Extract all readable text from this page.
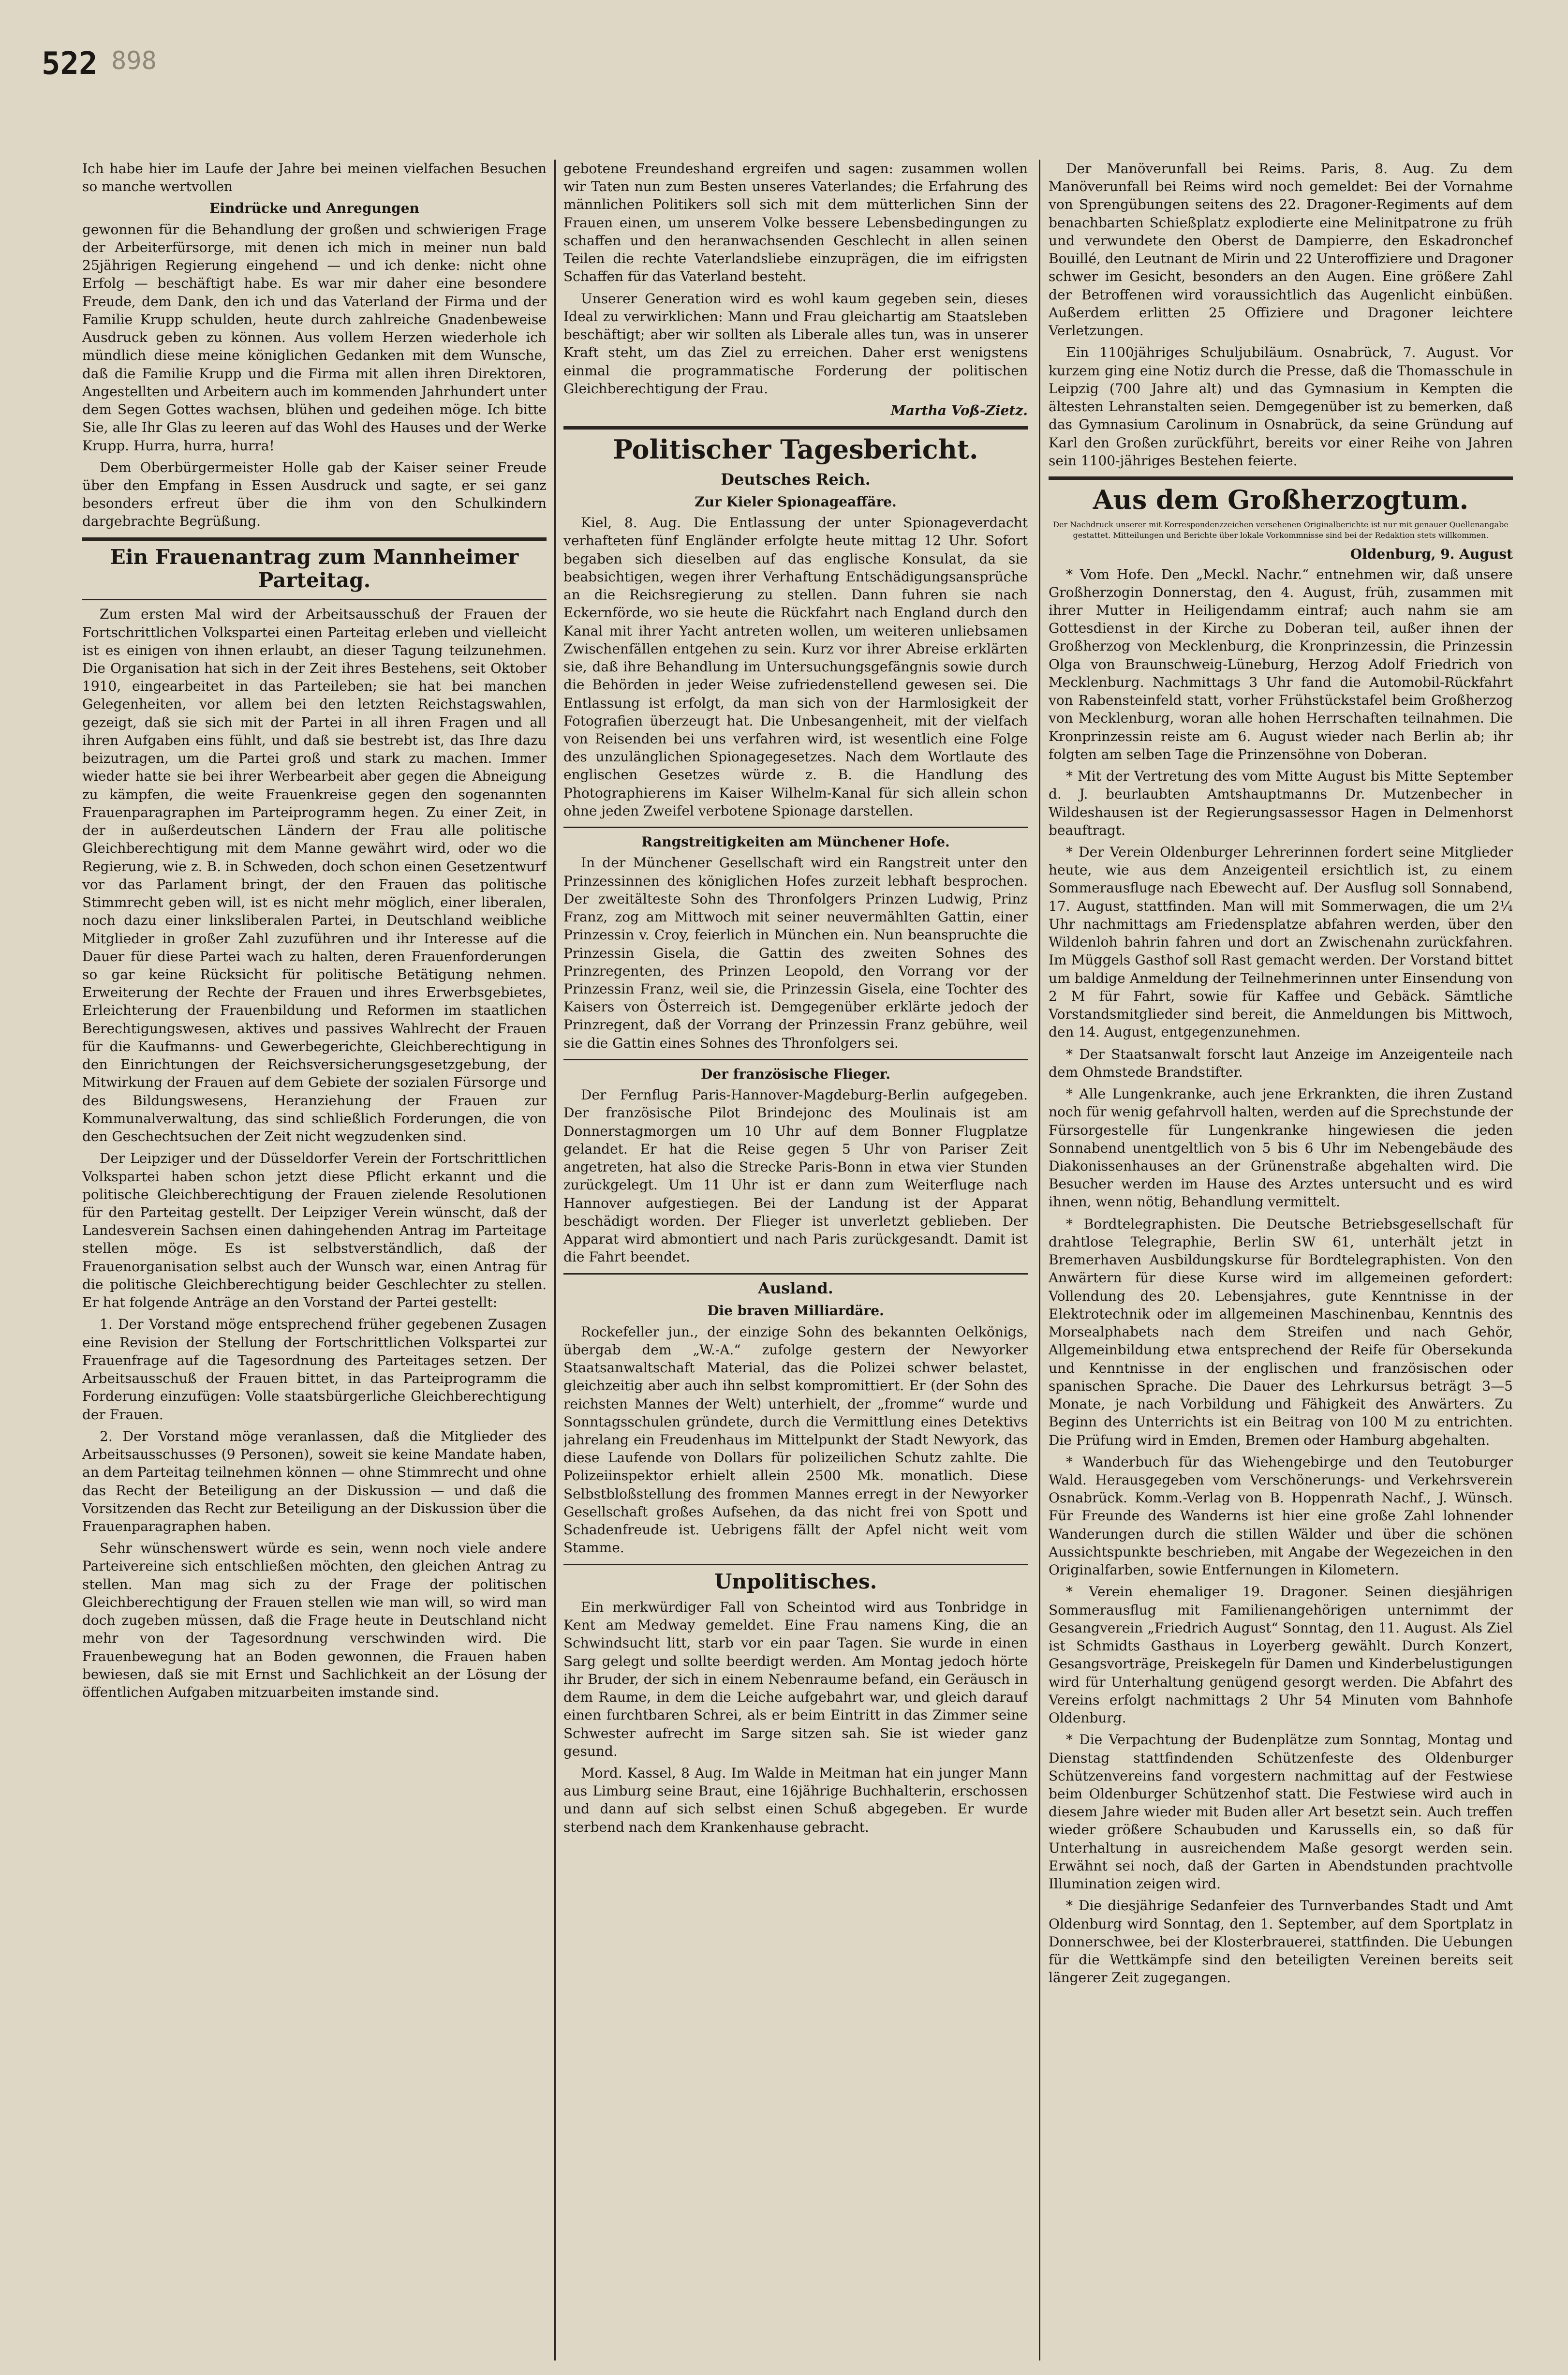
522 898

Ich habe hier im Laufe der Jahre bei meinen vielfachen Besuchen so manche wertvollen

Eindrücke und Anregungen

gewonnen für die Behandlung der großen und schwierigen Frage der Arbeiterfürsorge, mit denen ich mich in meiner nun bald 25jährigen Regierung eingehend — und ich denke: nicht ohne Erfolg — beschäftigt habe. Es war mir daher eine besondere Freude, dem Dank, den ich und das Vaterland der Firma und der Familie Krupp schulden, heute durch zahlreiche Gnadenbeweise Ausdruck geben zu können. Aus vollem Herzen wiederhole ich mündlich diese meine königlichen Gedanken mit dem Wunsche, daß die Familie Krupp und die Firma mit allen ihren Direktoren, Angestellten und Arbeitern auch im kommenden Jahrhundert unter dem Segen Gottes wachsen, blühen und gedeihen möge. Ich bitte Sie, alle Ihr Glas zu leeren auf das Wohl des Hauses und der Werke Krupp. Hurra, hurra, hurra!

Dem Oberbürgermeister Holle gab der Kaiser seiner Freude über den Empfang in Essen Ausdruck und sagte, er sei ganz besonders erfreut über die ihm von den Schulkindern dargebrachte Begrüßung.

Ein Frauenantrag zum Mannheimer Parteitag.

Zum ersten Mal wird der Arbeitsausschuß der Frauen der Fortschrittlichen Volkspartei einen Parteitag erleben und vielleicht ist es einigen von ihnen erlaubt, an dieser Tagung teilzunehmen. Die Organisation hat sich in der Zeit ihres Bestehens, seit Oktober 1910, eingearbeitet in das Parteileben; sie hat bei manchen Gelegenheiten, vor allem bei den letzten Reichstagswahlen, gezeigt, daß sie sich mit der Partei in all ihren Fragen und all ihren Aufgaben eins fühlt, und daß sie bestrebt ist, das Ihre dazu beizutragen, um die Partei groß und stark zu machen. Immer wieder hatte sie bei ihrer Werbearbeit aber gegen die Abneigung zu kämpfen, die weite Frauenkreise gegen den sogenannten Frauenparagraphen im Parteiprogramm hegen. Zu einer Zeit, in der in außerdeutschen Ländern der Frau alle politische Gleichberechtigung mit dem Manne gewährt wird, oder wo die Regierung, wie z. B. in Schweden, doch schon einen Gesetzentwurf vor das Parlament bringt, der den Frauen das politische Stimmrecht geben will, ist es nicht mehr möglich, einer liberalen, noch dazu einer linksliberalen Partei, in Deutschland weibliche Mitglieder in großer Zahl zuzuführen und ihr Interesse auf die Dauer für diese Partei wach zu halten, deren Frauenforderungen so gar keine Rücksicht für politische Betätigung nehmen. Erweiterung der Rechte der Frauen und ihres Erwerbsgebietes, Erleichterung der Frauenbildung und Reformen im staatlichen Berechtigungswesen, aktives und passives Wahlrecht der Frauen für die Kaufmanns- und Gewerbegerichte, Gleichberechtigung in den Einrichtungen der Reichsversicherungsgesetzgebung, der Mitwirkung der Frauen auf dem Gebiete der sozialen Fürsorge und des Bildungswesens, Heranziehung der Frauen zur Kommunalverwaltung, das sind schließlich Forderungen, die von den Geschechtsuchen der Zeit nicht wegzudenken sind.

Der Leipziger und der Düsseldorfer Verein der Fortschrittlichen Volkspartei haben schon jetzt diese Pflicht erkannt und die politische Gleichberechtigung der Frauen zielende Resolutionen für den Parteitag gestellt. Der Leipziger Verein wünscht, daß der Landesverein Sachsen einen dahingehenden Antrag im Parteitage stellen möge. Es ist selbstverständlich, daß der Frauenorganisation selbst auch der Wunsch war, einen Antrag für die politische Gleichberechtigung beider Geschlechter zu stellen. Er hat folgende Anträge an den Vorstand der Partei gestellt:

1. Der Vorstand möge entsprechend früher gegebenen Zusagen eine Revision der Stellung der Fortschrittlichen Volkspartei zur Frauenfrage auf die Tagesordnung des Parteitages setzen. Der Arbeitsausschuß der Frauen bittet, in das Parteiprogramm die Forderung einzufügen: Volle staatsbürgerliche Gleichberechtigung der Frauen.

2. Der Vorstand möge veranlassen, daß die Mitglieder des Arbeitsausschusses (9 Personen), soweit sie keine Mandate haben, an dem Parteitag teilnehmen können — ohne Stimmrecht und ohne das Recht der Beteiligung an der Diskussion — und daß die Vorsitzenden das Recht zur Beteiligung an der Diskussion über die Frauenparagraphen haben.

Sehr wünschenswert würde es sein, wenn noch viele andere Parteivereine sich entschließen möchten, den gleichen Antrag zu stellen. Man mag sich zu der Frage der politischen Gleichberechtigung der Frauen stellen wie man will, so wird man doch zugeben müssen, daß die Frage heute in Deutschland nicht mehr von der Tagesordnung verschwinden wird. Die Frauenbewegung hat an Boden gewonnen, die Frauen haben bewiesen, daß sie mit Ernst und Sachlichkeit an der Lösung der öffentlichen Aufgaben mitzuarbeiten imstande sind.

gebotene Freundeshand ergreifen und sagen: zusammen wollen wir Taten nun zum Besten unseres Vaterlandes; die Erfahrung des männlichen Politikers soll sich mit dem mütterlichen Sinn der Frauen einen, um unserem Volke bessere Lebensbedingungen zu schaffen und den heranwachsenden Geschlecht in allen seinen Teilen die rechte Vaterlandsliebe einzuprägen, die im eifrigsten Schaffen für das Vaterland besteht.

Unserer Generation wird es wohl kaum gegeben sein, dieses Ideal zu verwirklichen: Mann und Frau gleichartig am Staatsleben beschäftigt; aber wir sollten als Liberale alles tun, was in unserer Kraft steht, um das Ziel zu erreichen. Daher erst wenigstens einmal die programmatische Forderung der politischen Gleichberechtigung der Frau.

Martha Voß-Zietz.
Politischer Tagesbericht.
Deutsches Reich.
Zur Kieler Spionageaffäre.

Kiel, 8. Aug. Die Entlassung der unter Spionageverdacht verhafteten fünf Engländer erfolgte heute mittag 12 Uhr. Sofort begaben sich dieselben auf das englische Konsulat, da sie beabsichtigen, wegen ihrer Verhaftung Entschädigungsansprüche an die Reichsregierung zu stellen. Dann fuhren sie nach Eckernförde, wo sie heute die Rückfahrt nach England durch den Kanal mit ihrer Yacht antreten wollen, um weiteren unliebsamen Zwischenfällen entgehen zu sein. Kurz vor ihrer Abreise erklärten sie, daß ihre Behandlung im Untersuchungsgefängnis sowie durch die Behörden in jeder Weise zufriedenstellend gewesen sei. Die Entlassung ist erfolgt, da man sich von der Harmlosigkeit der Fotografien überzeugt hat. Die Unbesangenheit, mit der vielfach von Reisenden bei uns verfahren wird, ist wesentlich eine Folge des unzulänglichen Spionagegesetzes. Nach dem Wortlaute des englischen Gesetzes würde z. B. die Handlung des Photographierens im Kaiser Wilhelm-Kanal für sich allein schon ohne jeden Zweifel verbotene Spionage darstellen.

Rangstreitigkeiten am Münchener Hofe.

In der Münchener Gesellschaft wird ein Rangstreit unter den Prinzessinnen des königlichen Hofes zurzeit lebhaft besprochen. Der zweitälteste Sohn des Thronfolgers Prinzen Ludwig, Prinz Franz, zog am Mittwoch mit seiner neuvermählten Gattin, einer Prinzessin v. Croy, feierlich in München ein. Nun beanspruchte die Prinzessin Gisela, die Gattin des zweiten Sohnes des Prinzregenten, des Prinzen Leopold, den Vorrang vor der Prinzessin Franz, weil sie, die Prinzessin Gisela, eine Tochter des Kaisers von Österreich ist. Demgegenüber erklärte jedoch der Prinzregent, daß der Vorrang der Prinzessin Franz gebühre, weil sie die Gattin eines Sohnes des Thronfolgers sei.

Der französische Flieger.

Der Fernflug Paris-Hannover-Magdeburg-Berlin aufgegeben. Der französische Pilot Brindejonc des Moulinais ist am Donnerstagmorgen um 10 Uhr auf dem Bonner Flugplatze gelandet. Er hat die Reise gegen 5 Uhr von Pariser Zeit angetreten, hat also die Strecke Paris-Bonn in etwa vier Stunden zurückgelegt. Um 11 Uhr ist er dann zum Weiterfluge nach Hannover aufgestiegen. Bei der Landung ist der Apparat beschädigt worden. Der Flieger ist unverletzt geblieben. Der Apparat wird abmontiert und nach Paris zurückgesandt. Damit ist die Fahrt beendet.

Ausland.
Die braven Milliardäre.

Rockefeller jun., der einzige Sohn des bekannten Oelkönigs, übergab dem „W.-A.“ zufolge gestern der Newyorker Staatsanwaltschaft Material, das die Polizei schwer belastet, gleichzeitig aber auch ihn selbst kompromittiert. Er (der Sohn des reichsten Mannes der Welt) unterhielt, der „fromme“ wurde und Sonntagsschulen gründete, durch die Vermittlung eines Detektivs jahrelang ein Freudenhaus im Mittelpunkt der Stadt Newyork, das diese Laufende von Dollars für polizeilichen Schutz zahlte. Die Polizeiinspektor erhielt allein 2500 Mk. monatlich. Diese Selbstbloßstellung des frommen Mannes erregt in der Newyorker Gesellschaft großes Aufsehen, da das nicht frei von Spott und Schadenfreude ist. Uebrigens fällt der Apfel nicht weit vom Stamme.

Unpolitisches.

Ein merkwürdiger Fall von Scheintod wird aus Tonbridge in Kent am Medway gemeldet. Eine Frau namens King, die an Schwindsucht litt, starb vor ein paar Tagen. Sie wurde in einen Sarg gelegt und sollte beerdigt werden. Am Montag jedoch hörte ihr Bruder, der sich in einem Nebenraume befand, ein Geräusch in dem Raume, in dem die Leiche aufgebahrt war, und gleich darauf einen furchtbaren Schrei, als er beim Eintritt in das Zimmer seine Schwester aufrecht im Sarge sitzen sah. Sie ist wieder ganz gesund.

Mord. Kassel, 8 Aug. Im Walde in Meitman hat ein junger Mann aus Limburg seine Braut, eine 16jährige Buchhalterin, erschossen und dann auf sich selbst einen Schuß abgegeben. Er wurde sterbend nach dem Krankenhause gebracht.

Der Manöverunfall bei Reims. Paris, 8. Aug. Zu dem Manöverunfall bei Reims wird noch gemeldet: Bei der Vornahme von Sprengübungen seitens des 22. Dragoner-Regiments auf dem benachbarten Schießplatz explodierte eine Melinitpatrone zu früh und verwundete den Oberst de Dampierre, den Eskadronchef Bouillé, den Leutnant de Mirin und 22 Unteroffiziere und Dragoner schwer im Gesicht, besonders an den Augen. Eine größere Zahl der Betroffenen wird voraussichtlich das Augenlicht einbüßen. Außerdem erlitten 25 Offiziere und Dragoner leichtere Verletzungen.

Ein 1100jähriges Schuljubiläum. Osnabrück, 7. August. Vor kurzem ging eine Notiz durch die Presse, daß die Thomasschule in Leipzig (700 Jahre alt) und das Gymnasium in Kempten die ältesten Lehranstalten seien. Demgegenüber ist zu bemerken, daß das Gymnasium Carolinum in Osnabrück, da seine Gründung auf Karl den Großen zurückführt, bereits vor einer Reihe von Jahren sein 1100-jähriges Bestehen feierte.

Aus dem Großherzogtum.
Der Nachdruck unserer mit Korrespondenzzeichen versehenen Originalberichte ist nur mit genauer Quellenangabe gestattet. Mitteilungen und Berichte über lokale Vorkommnisse sind bei der Redaktion stets willkommen.
Oldenburg, 9. August

* Vom Hofe. Den „Meckl. Nachr.“ entnehmen wir, daß unsere Großherzogin Donnerstag, den 4. August, früh, zusammen mit ihrer Mutter in Heiligendamm eintraf; auch nahm sie am Gottesdienst in der Kirche zu Doberan teil, außer ihnen der Großherzog von Mecklenburg, die Kronprinzessin, die Prinzessin Olga von Braunschweig-Lüneburg, Herzog Adolf Friedrich von Mecklenburg. Nachmittags 3 Uhr fand die Automobil-Rückfahrt von Rabensteinfeld statt, vorher Frühstückstafel beim Großherzog von Mecklenburg, woran alle hohen Herrschaften teilnahmen. Die Kronprinzessin reiste am 6. August wieder nach Berlin ab; ihr folgten am selben Tage die Prinzensöhne von Doberan.

* Mit der Vertretung des vom Mitte August bis Mitte September d. J. beurlaubten Amtshauptmanns Dr. Mutzenbecher in Wildeshausen ist der Regierungsassessor Hagen in Delmenhorst beauftragt.

* Der Verein Oldenburger Lehrerinnen fordert seine Mitglieder heute, wie aus dem Anzeigenteil ersichtlich ist, zu einem Sommerausfluge nach Ebewecht auf. Der Ausflug soll Sonnabend, 17. August, stattfinden. Man will mit Sommerwagen, die um 2¼ Uhr nachmittags am Friedensplatze abfahren werden, über den Wildenloh bahrin fahren und dort an Zwischenahn zurückfahren. Im Müggels Gasthof soll Rast gemacht werden. Der Vorstand bittet um baldige Anmeldung der Teilnehmerinnen unter Einsendung von 2 M für Fahrt, sowie für Kaffee und Gebäck. Sämtliche Vorstandsmitglieder sind bereit, die Anmeldungen bis Mittwoch, den 14. August, entgegenzunehmen.

* Der Staatsanwalt forscht laut Anzeige im Anzeigenteile nach dem Ohmstede Brandstifter.

* Alle Lungenkranke, auch jene Erkrankten, die ihren Zustand noch für wenig gefahrvoll halten, werden auf die Sprechstunde der Fürsorgestelle für Lungenkranke hingewiesen die jeden Sonnabend unentgeltlich von 5 bis 6 Uhr im Nebengebäude des Diakonissenhauses an der Grünenstraße abgehalten wird. Die Besucher werden im Hause des Arztes untersucht und es wird ihnen, wenn nötig, Behandlung vermittelt.

* Bordtelegraphisten. Die Deutsche Betriebsgesellschaft für drahtlose Telegraphie, Berlin SW 61, unterhält jetzt in Bremerhaven Ausbildungskurse für Bordtelegraphisten. Von den Anwärtern für diese Kurse wird im allgemeinen gefordert: Vollendung des 20. Lebensjahres, gute Kenntnisse in der Elektrotechnik oder im allgemeinen Maschinenbau, Kenntnis des Morsealphabets nach dem Streifen und nach Gehör, Allgemeinbildung etwa entsprechend der Reife für Obersekunda und Kenntnisse in der englischen und französischen oder spanischen Sprache. Die Dauer des Lehrkursus beträgt 3—5 Monate, je nach Vorbildung und Fähigkeit des Anwärters. Zu Beginn des Unterrichts ist ein Beitrag von 100 M zu entrichten. Die Prüfung wird in Emden, Bremen oder Hamburg abgehalten.

* Wanderbuch für das Wiehengebirge und den Teutoburger Wald. Herausgegeben vom Verschönerungs- und Verkehrsverein Osnabrück. Komm.-Verlag von B. Hoppenrath Nachf., J. Wünsch. Für Freunde des Wanderns ist hier eine große Zahl lohnender Wanderungen durch die stillen Wälder und über die schönen Aussichtspunkte beschrieben, mit Angabe der Wegezeichen in den Originalfarben, sowie Entfernungen in Kilometern.

* Verein ehemaliger 19. Dragoner. Seinen diesjährigen Sommerausflug mit Familienangehörigen unternimmt der Gesangverein „Friedrich August“ Sonntag, den 11. August. Als Ziel ist Schmidts Gasthaus in Loyerberg gewählt. Durch Konzert, Gesangsvorträge, Preiskegeln für Damen und Kinderbelustigungen wird für Unterhaltung genügend gesorgt werden. Die Abfahrt des Vereins erfolgt nachmittags 2 Uhr 54 Minuten vom Bahnhofe Oldenburg.

* Die Verpachtung der Budenplätze zum Sonntag, Montag und Dienstag stattfindenden Schützenfeste des Oldenburger Schützenvereins fand vorgestern nachmittag auf der Festwiese beim Oldenburger Schützenhof statt. Die Festwiese wird auch in diesem Jahre wieder mit Buden aller Art besetzt sein. Auch treffen wieder größere Schaubuden und Karussells ein, so daß für Unterhaltung in ausreichendem Maße gesorgt werden sein. Erwähnt sei noch, daß der Garten in Abendstunden prachtvolle Illumination zeigen wird.

* Die diesjährige Sedanfeier des Turnverbandes Stadt und Amt Oldenburg wird Sonntag, den 1. September, auf dem Sportplatz in Donnerschwee, bei der Klosterbrauerei, stattfinden. Die Uebungen für die Wettkämpfe sind den beteiligten Vereinen bereits seit längerer Zeit zugegangen.
